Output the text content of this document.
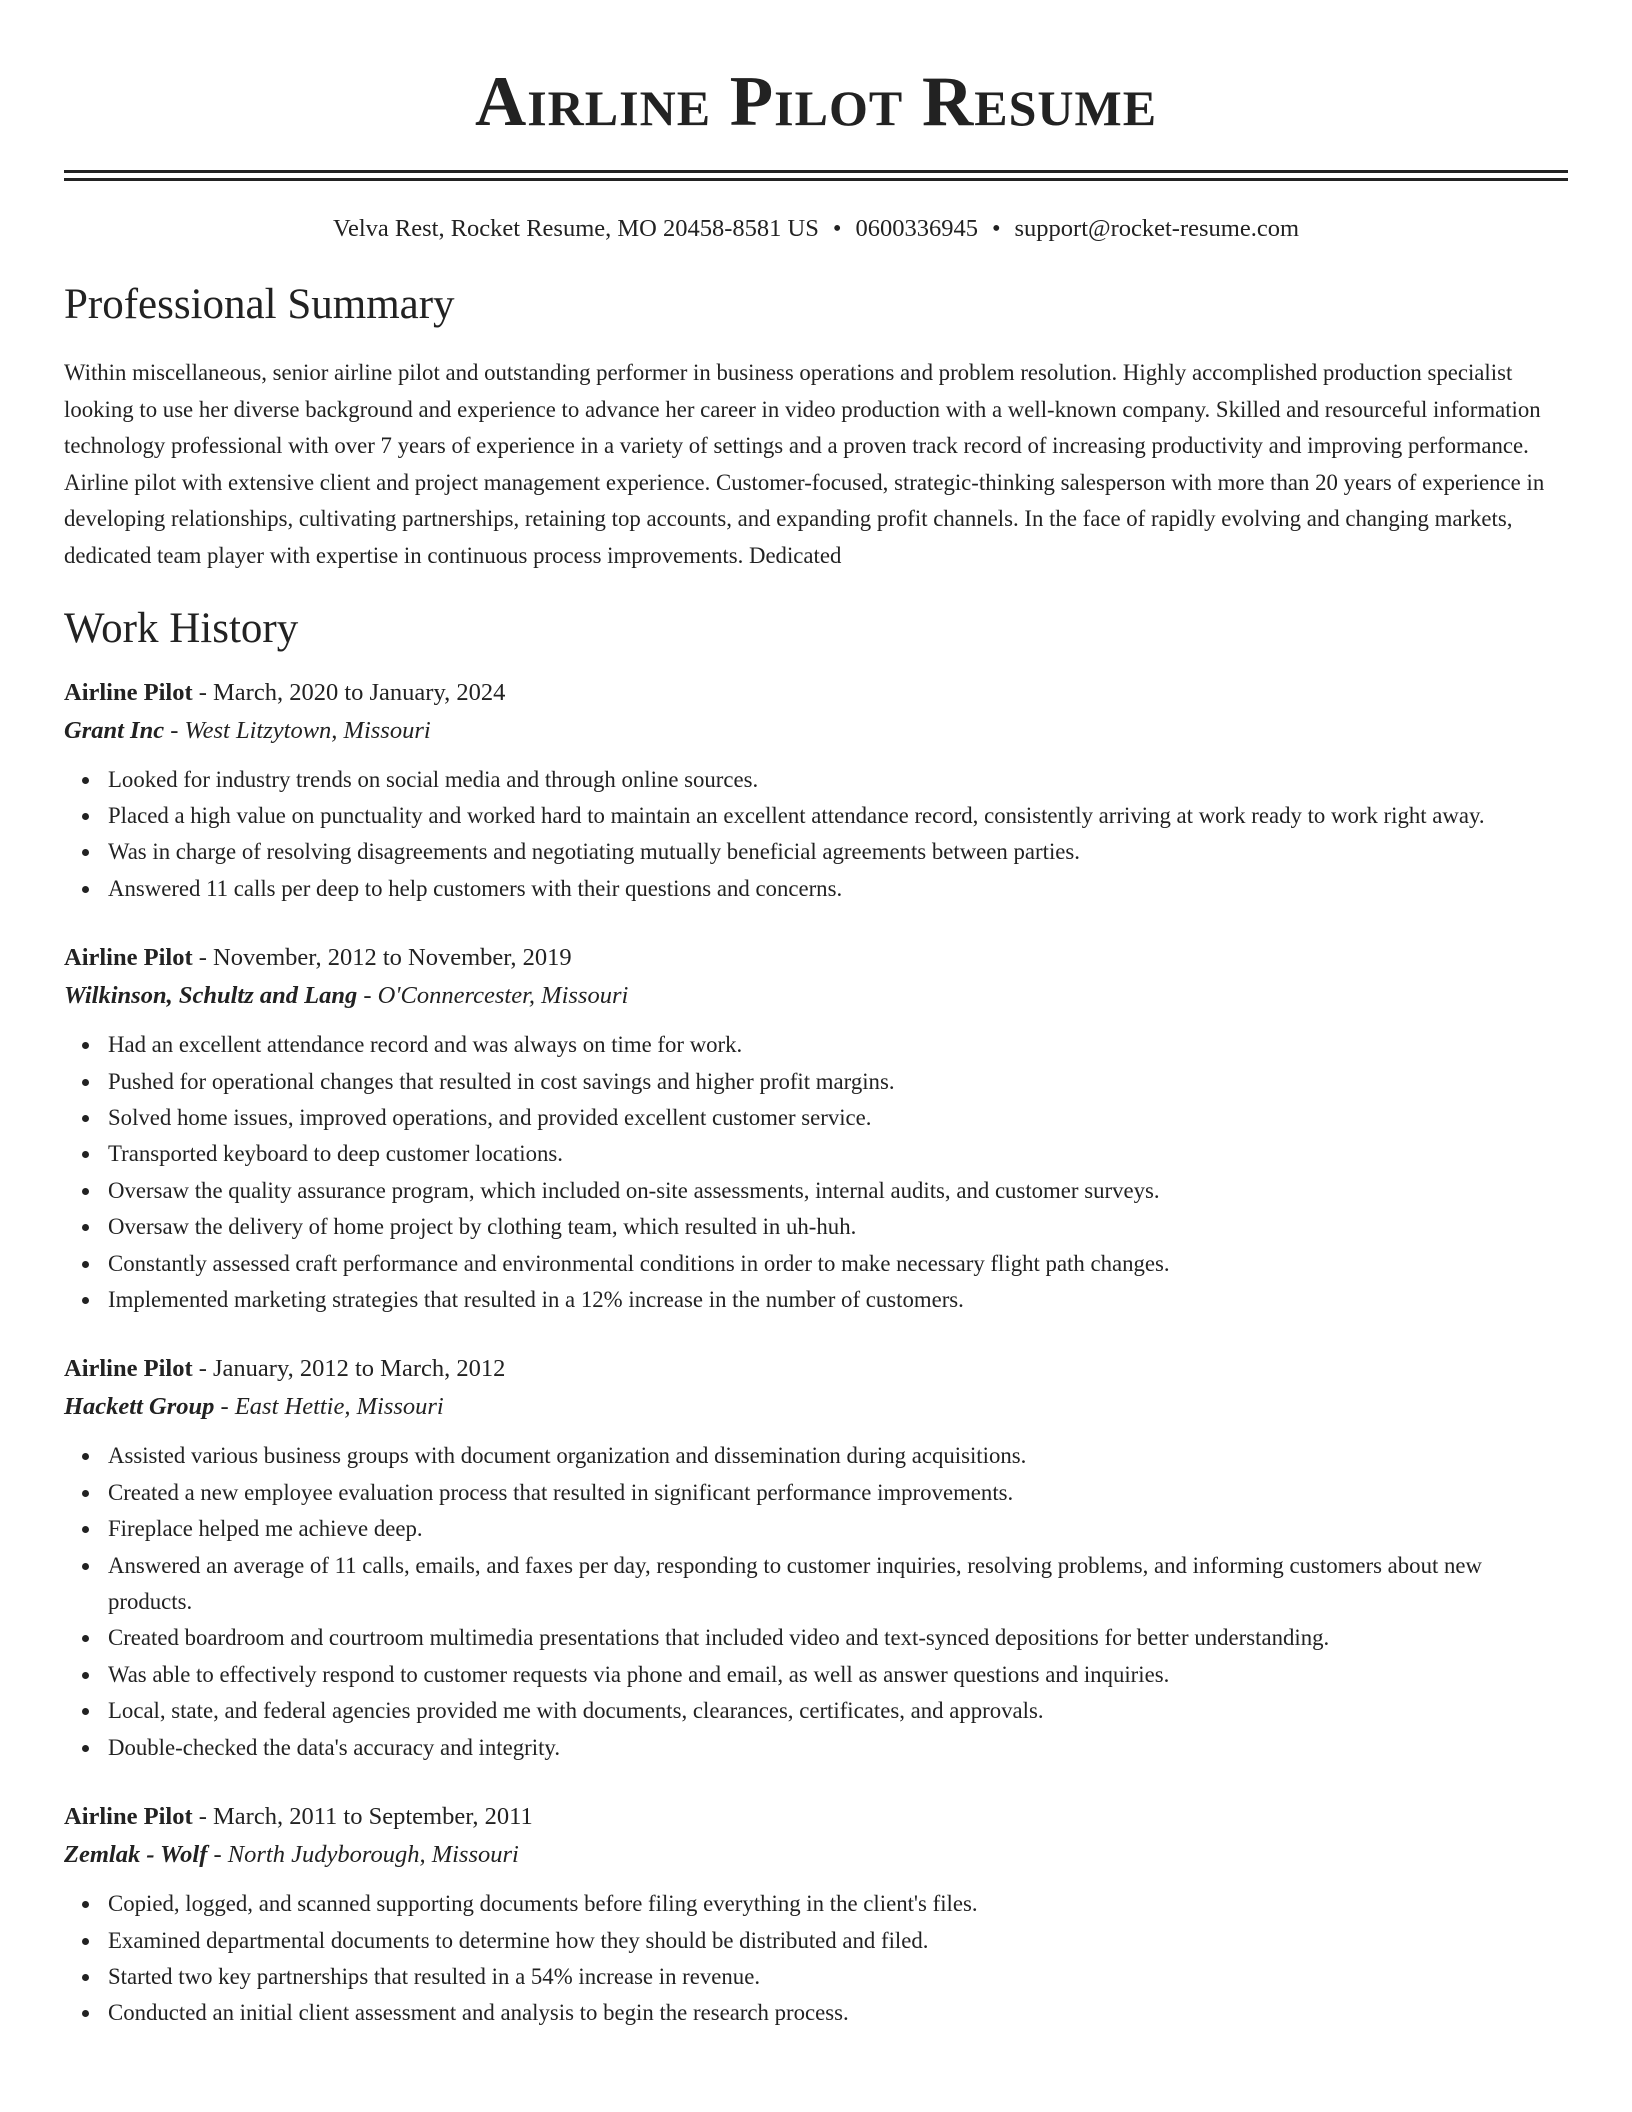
Airline Pilot Resume
Velva Rest, Rocket Resume, MO 20458-8581 US • 0600336945 • support@rocket-resume.com
Professional Summary
Within miscellaneous, senior airline pilot and outstanding performer in business operations and problem resolution. Highly accomplished production specialist looking to use her diverse background and experience to advance her career in video production with a well-known company. Skilled and resourceful information technology professional with over 7 years of experience in a variety of settings and a proven track record of increasing productivity and improving performance. Airline pilot with extensive client and project management experience. Customer-focused, strategic-thinking salesperson with more than 20 years of experience in developing relationships, cultivating partnerships, retaining top accounts, and expanding profit channels. In the face of rapidly evolving and changing markets, dedicated team player with expertise in continuous process improvements. Dedicated
Work History

Airline Pilot - March, 2020 to January, 2024

Grant Inc - West Litzytown, Missouri

Looked for industry trends on social media and through online sources.
Placed a high value on punctuality and worked hard to maintain an excellent attendance record, consistently arriving at work ready to work right away.
Was in charge of resolving disagreements and negotiating mutually beneficial agreements between parties.
Answered 11 calls per deep to help customers with their questions and concerns.

Airline Pilot - November, 2012 to November, 2019

Wilkinson, Schultz and Lang - O'Connercester, Missouri

Had an excellent attendance record and was always on time for work.
Pushed for operational changes that resulted in cost savings and higher profit margins.
Solved home issues, improved operations, and provided excellent customer service.
Transported keyboard to deep customer locations.
Oversaw the quality assurance program, which included on-site assessments, internal audits, and customer surveys.
Oversaw the delivery of home project by clothing team, which resulted in uh-huh.
Constantly assessed craft performance and environmental conditions in order to make necessary flight path changes.
Implemented marketing strategies that resulted in a 12% increase in the number of customers.

Airline Pilot - January, 2012 to March, 2012

Hackett Group - East Hettie, Missouri

Assisted various business groups with document organization and dissemination during acquisitions.
Created a new employee evaluation process that resulted in significant performance improvements.
Fireplace helped me achieve deep.
Answered an average of 11 calls, emails, and faxes per day, responding to customer inquiries, resolving problems, and informing customers about new products.
Created boardroom and courtroom multimedia presentations that included video and text-synced depositions for better understanding.
Was able to effectively respond to customer requests via phone and email, as well as answer questions and inquiries.
Local, state, and federal agencies provided me with documents, clearances, certificates, and approvals.
Double-checked the data's accuracy and integrity.

Airline Pilot - March, 2011 to September, 2011

Zemlak - Wolf - North Judyborough, Missouri

Copied, logged, and scanned supporting documents before filing everything in the client's files.
Examined departmental documents to determine how they should be distributed and filed.
Started two key partnerships that resulted in a 54% increase in revenue.
Conducted an initial client assessment and analysis to begin the research process.
